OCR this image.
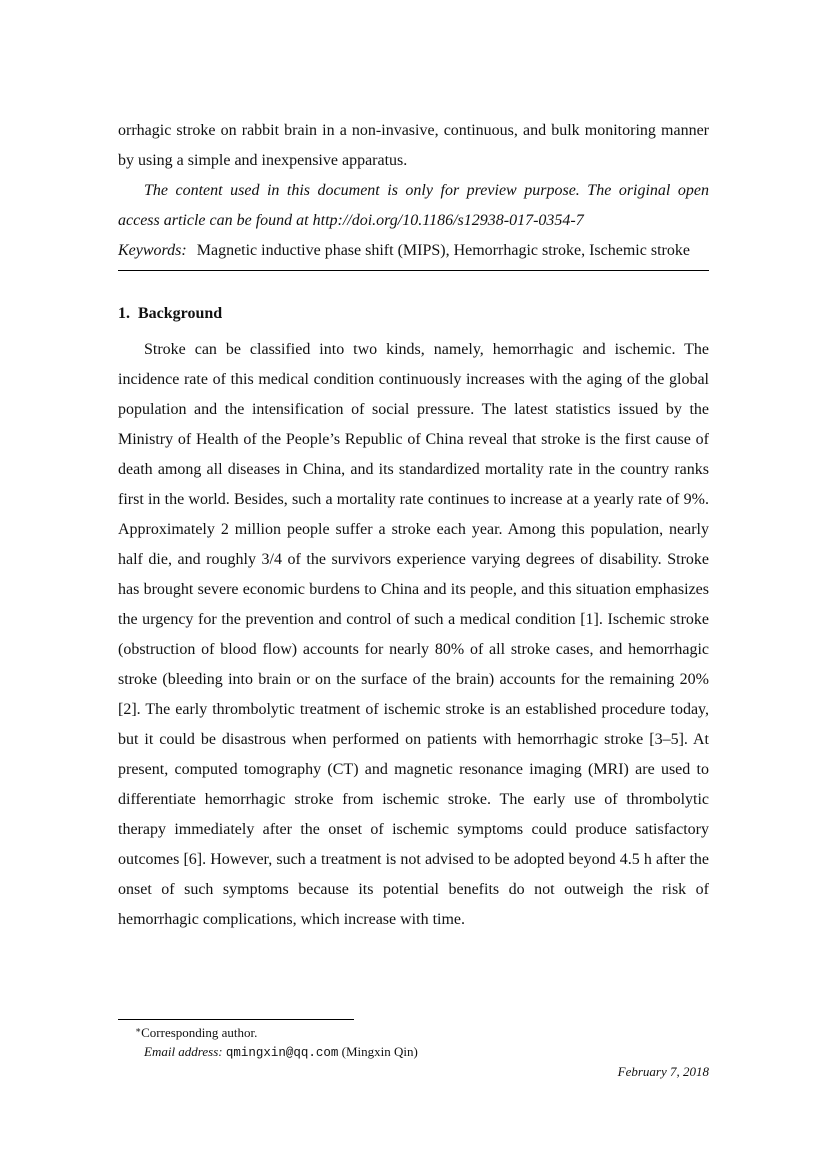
orrhagic stroke on rabbit brain in a non-invasive, continuous, and bulk monitoring manner by using a simple and inexpensive apparatus.

The content used in this document is only for preview purpose. The original open access article can be found at http://doi.org/10.1186/s12938-017-0354-7

Keywords: Magnetic inductive phase shift (MIPS), Hemorrhagic stroke, Ischemic stroke

1. Background

Stroke can be classified into two kinds, namely, hemorrhagic and ischemic. The incidence rate of this medical condition continuously increases with the aging of the global population and the intensification of social pressure. The latest statistics issued by the Ministry of Health of the People’s Republic of China reveal that stroke is the first cause of death among all diseases in China, and its standardized mortality rate in the country ranks first in the world. Besides, such a mortality rate continues to increase at a yearly rate of 9%. Approximately 2 million people suffer a stroke each year. Among this population, nearly half die, and roughly 3/4 of the survivors experience varying degrees of disability. Stroke has brought severe economic burdens to China and its people, and this situation emphasizes the urgency for the prevention and control of such a medical condition [1]. Ischemic stroke (obstruction of blood flow) accounts for nearly 80% of all stroke cases, and hemorrhagic stroke (bleeding into brain or on the surface of the brain) accounts for the remaining 20% [2]. The early thrombolytic treatment of ischemic stroke is an established procedure today, but it could be disastrous when performed on patients with hemorrhagic stroke [3–5]. At present, computed tomography (CT) and magnetic resonance imaging (MRI) are used to differentiate hemorrhagic stroke from ischemic stroke. The early use of thrombolytic therapy immediately after the onset of ischemic symptoms could produce satisfactory outcomes [6]. However, such a treatment is not advised to be adopted beyond 4.5 h after the onset of such symptoms because its potential benefits do not outweigh the risk of hemorrhagic complications, which increase with time.

∗Corresponding author.
Email address: qmingxin@qq.com (Mingxin Qin)
February 7, 2018
